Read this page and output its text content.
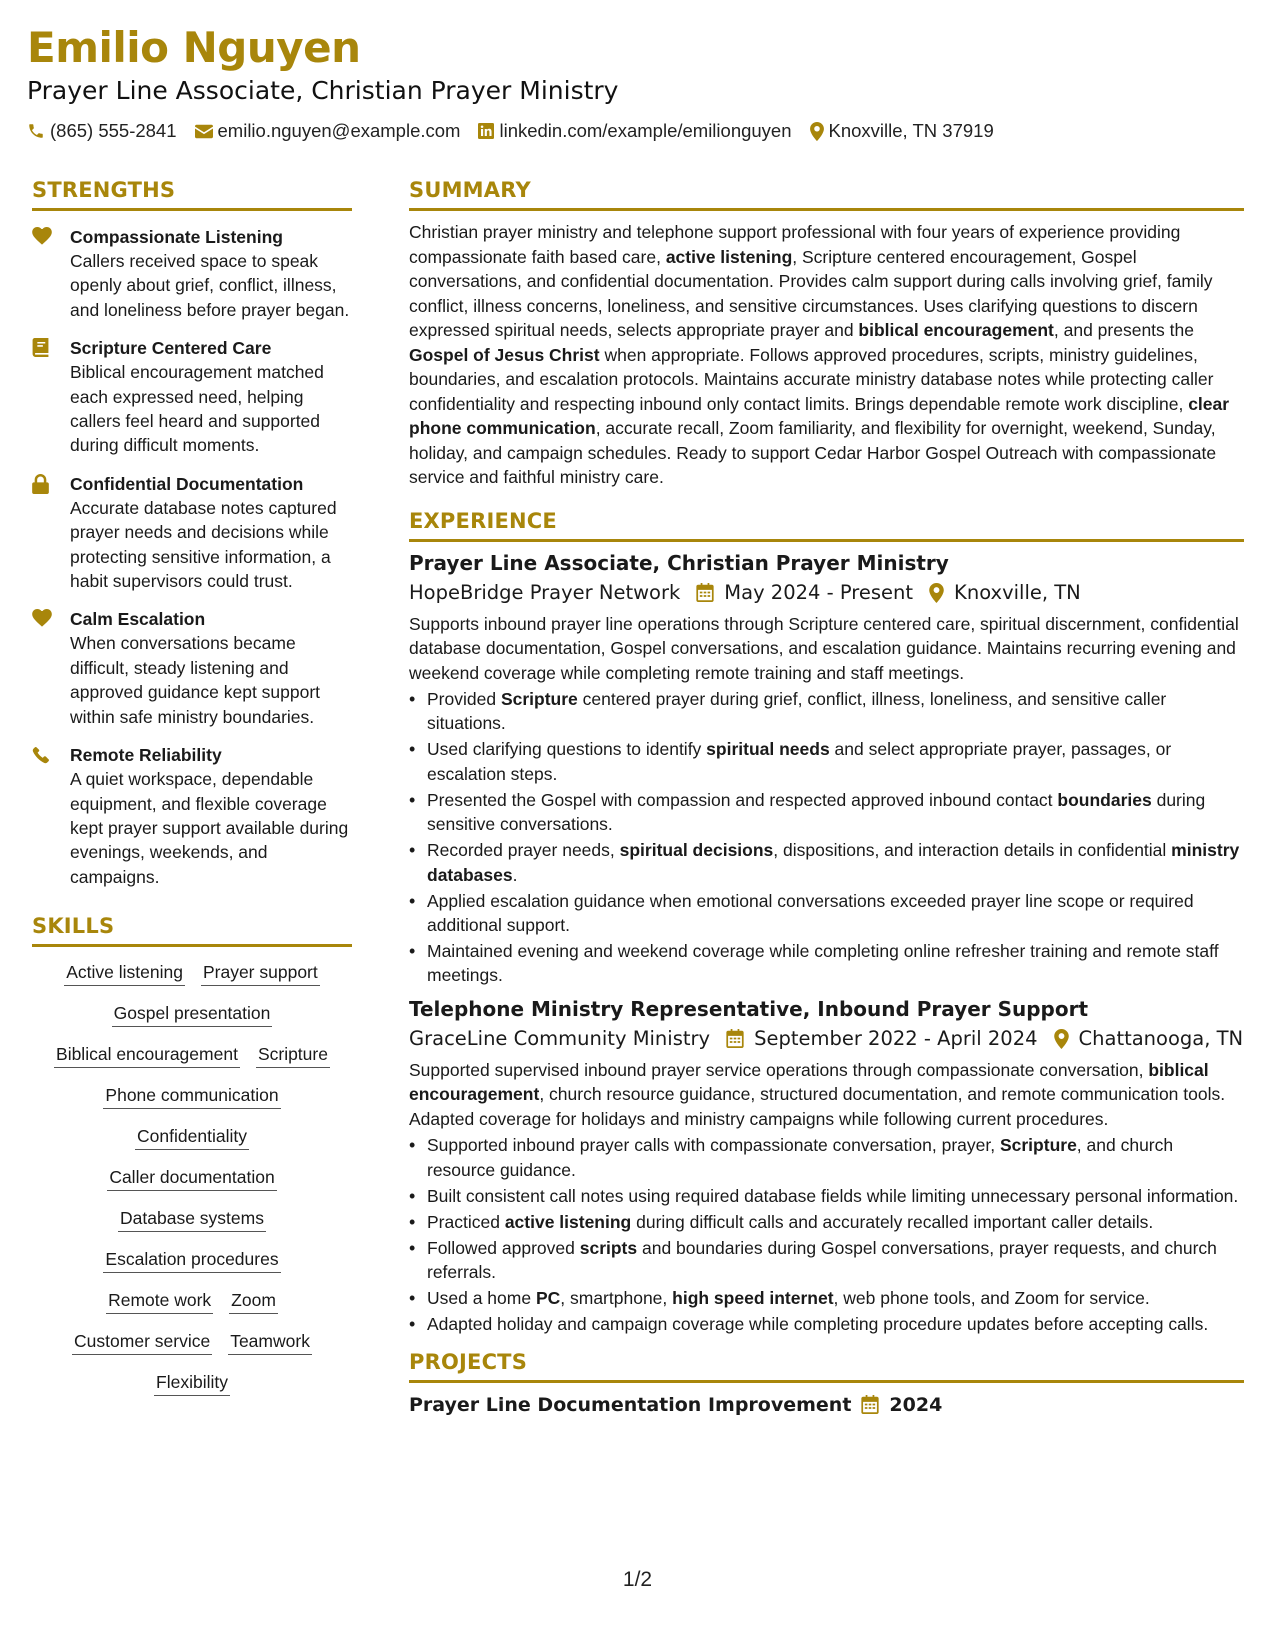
Emilio Nguyen
Prayer Line Associate, Christian Prayer Ministry
(865) 555-2841 emilio.nguyen@example.com linkedin.com/example/emilionguyen Knoxville, TN 37919
STRENGTHS
Compassionate Listening
Callers received space to speak openly about grief, conflict, illness, and loneliness before prayer began.
Scripture Centered Care
Biblical encouragement matched each expressed need, helping callers feel heard and supported during difficult moments.
Confidential Documentation
Accurate database notes captured prayer needs and decisions while protecting sensitive information, a habit supervisors could trust.
Calm Escalation
When conversations became difficult, steady listening and approved guidance kept support within safe ministry boundaries.
Remote Reliability
A quiet workspace, dependable equipment, and flexible coverage kept prayer support available during evenings, weekends, and campaigns.
SKILLS
Active listening Prayer support
Gospel presentation
Biblical encouragement Scripture
Phone communication
Confidentiality
Caller documentation
Database systems
Escalation procedures
Remote work Zoom
Customer service Teamwork
Flexibility
SUMMARY

Christian prayer ministry and telephone support professional with four years of experience providing compassionate faith based care, active listening, Scripture centered encouragement, Gospel conversations, and confidential documentation. Provides calm support during calls involving grief, family conflict, illness concerns, loneliness, and sensitive circumstances. Uses clarifying questions to discern expressed spiritual needs, selects appropriate prayer and biblical encouragement, and presents the Gospel of Jesus Christ when appropriate. Follows approved procedures, scripts, ministry guidelines, boundaries, and escalation protocols. Maintains accurate ministry database notes while protecting caller confidentiality and respecting inbound only contact limits. Brings dependable remote work discipline, clear phone communication, accurate recall, Zoom familiarity, and flexibility for overnight, weekend, Sunday, holiday, and campaign schedules. Ready to support Cedar Harbor Gospel Outreach with compassionate service and faithful ministry care.

EXPERIENCE
Prayer Line Associate, Christian Prayer Ministry
HopeBridge Prayer Network May 2024 - Present Knoxville, TN

Supports inbound prayer line operations through Scripture centered care, spiritual discernment, confidential database documentation, Gospel conversations, and escalation guidance. Maintains recurring evening and weekend coverage while completing remote training and staff meetings.

• Provided Scripture centered prayer during grief, conflict, illness, loneliness, and sensitive caller situations.
• Used clarifying questions to identify spiritual needs and select appropriate prayer, passages, or escalation steps.
• Presented the Gospel with compassion and respected approved inbound contact boundaries during sensitive conversations.
• Recorded prayer needs, spiritual decisions, dispositions, and interaction details in confidential ministry databases.
• Applied escalation guidance when emotional conversations exceeded prayer line scope or required additional support.
• Maintained evening and weekend coverage while completing online refresher training and remote staff meetings.
Telephone Ministry Representative, Inbound Prayer Support
GraceLine Community Ministry September 2022 - April 2024 Chattanooga, TN

Supported supervised inbound prayer service operations through compassionate conversation, biblical encouragement, church resource guidance, structured documentation, and remote communication tools. Adapted coverage for holidays and ministry campaigns while following current procedures.

• Supported inbound prayer calls with compassionate conversation, prayer, Scripture, and church resource guidance.
• Built consistent call notes using required database fields while limiting unnecessary personal information.
• Practiced active listening during difficult calls and accurately recalled important caller details.
• Followed approved scripts and boundaries during Gospel conversations, prayer requests, and church referrals.
• Used a home PC, smartphone, high speed internet, web phone tools, and Zoom for service.
• Adapted holiday and campaign coverage while completing procedure updates before accepting calls.
PROJECTS
Prayer Line Documentation Improvement 2024
1/2
